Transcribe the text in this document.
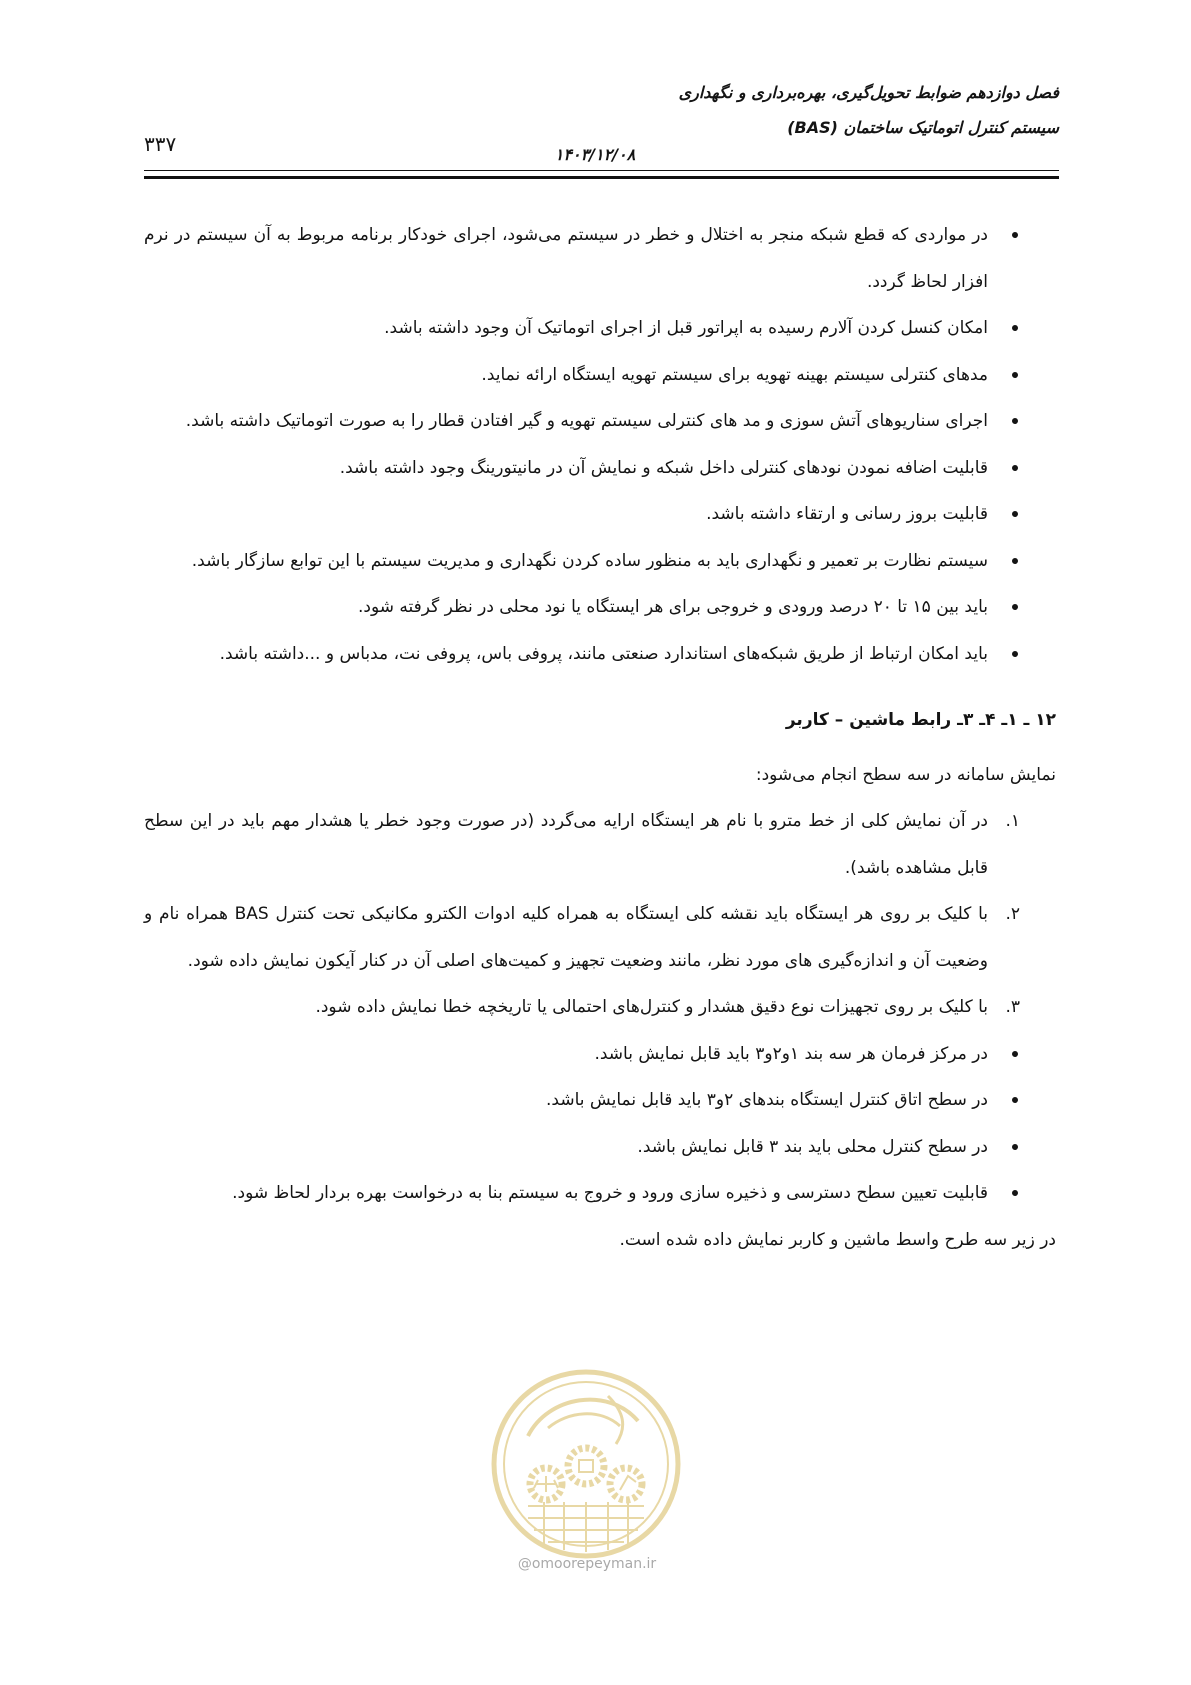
فصل دوازدهم ضوابط تحویل‌گیری، بهره‌برداری و نگهداری
سیستم کنترل اتوماتیک ساختمان (BAS)
۱۴۰۳/۱۲/۰۸
۳۳۷
در مواردی که قطع شبکه منجر به اختلال و خطر در سیستم می‌شود، اجرای خودکار برنامه مربوط به آن سیستم در نرم افزار لحاظ گردد.
امکان کنسل کردن آلارم رسیده به اپراتور قبل از اجرای اتوماتیک آن وجود داشته باشد.
مدهای کنترلی سیستم بهینه تهویه برای سیستم تهویه ایستگاه ارائه نماید.
اجرای سناریوهای آتش سوزی و مد های کنترلی سیستم تهویه و گیر افتادن قطار را به صورت اتوماتیک داشته باشد.
قابلیت اضافه نمودن نودهای کنترلی داخل شبکه و نمایش آن در مانیتورینگ وجود داشته باشد.
قابلیت بروز رسانی و ارتقاء داشته باشد.
سیستم نظارت بر تعمیر و نگهداری باید به منظور ساده کردن نگهداری و مدیریت سیستم با این توابع سازگار باشد.
باید بین ۱۵ تا ۲۰ درصد ورودی و خروجی برای هر ایستگاه یا نود محلی در نظر گرفته شود.
باید امکان ارتباط از طریق شبکه‌های استاندارد صنعتی مانند، پروفی باس، پروفی نت، مدباس و ...داشته باشد.
۱۲ ـ ۱ـ ۴ـ ۳ـ رابط ماشین – کاربر
نمایش سامانه در سه سطح انجام می‌شود:
۱.
در آن نمایش کلی از خط مترو با نام هر ایستگاه ارایه می‌گردد (در صورت وجود خطر یا هشدار مهم باید در این سطح قابل مشاهده باشد).
۲.
با کلیک بر روی هر ایستگاه باید نقشه کلی ایستگاه به همراه کلیه ادوات الکترو مکانیکی تحت کنترل BAS همراه نام و وضعیت آن و اندازه‌گیری های مورد نظر، مانند وضعیت تجهیز و کمیت‌های اصلی آن در کنار آیکون نمایش داده شود.
۳.
با کلیک بر روی تجهیزات نوع دقیق هشدار و کنترل‌های احتمالی یا تاریخچه خطا نمایش داده شود.
در مرکز فرمان هر سه بند ۱و۲و۳ باید قابل نمایش باشد.
در سطح اتاق کنترل ایستگاه بندهای ۲و۳ باید قابل نمایش باشد.
در سطح کنترل محلی باید بند ۳ قابل نمایش باشد.
قابلیت تعیین سطح دسترسی و ذخیره سازی ورود و خروج به سیستم بنا به درخواست بهره بردار لحاظ شود.
در زیر سه طرح واسط ماشین و کاربر نمایش داده شده است.
@omoorepeyman.ir
